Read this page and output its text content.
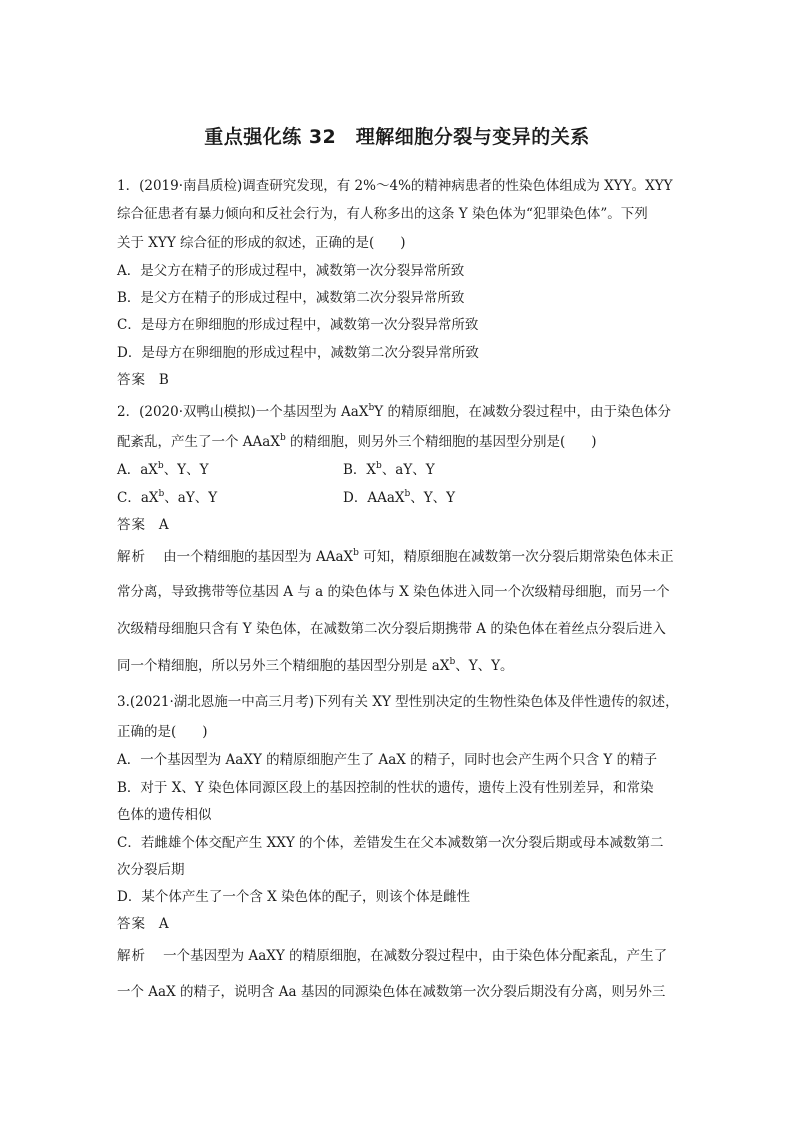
重点强化练 32　理解细胞分裂与变异的关系
1．(2019·南昌质检)调查研究发现，有 2%～4%的精神病患者的性染色体组成为 XYY。XYY
综合征患者有暴力倾向和反社会行为，有人称多出的这条 Y 染色体为“犯罪染色体”。下列
关于 XYY 综合征的形成的叙述，正确的是( )
A．是父方在精子的形成过程中，减数第一次分裂异常所致
B．是父方在精子的形成过程中，减数第二次分裂异常所致
C．是母方在卵细胞的形成过程中，减数第一次分裂异常所致
D．是母方在卵细胞的形成过程中，减数第二次分裂异常所致
答案 B
2．(2020·双鸭山模拟)一个基因型为 AaX$^b$Y 的精原细胞，在减数分裂过程中，由于染色体分
配紊乱，产生了一个 AAaX$^b$ 的精细胞，则另外三个精细胞的基因型分别是( )
A．$aX^b$、Y、Y	B．$X^b$、aY、Y
C．$aX^b$、aY、Y	D．AAaX$^b$、Y、Y
答案 A
解析 由一个精细胞的基因型为 AAaX$^b$ 可知，精原细胞在减数第一次分裂后期常染色体未正
常分离，导致携带等位基因 A 与 a 的染色体与 X 染色体进入同一个次级精母细胞，而另一个
次级精母细胞只含有 Y 染色体，在减数第二次分裂后期携带 A 的染色体在着丝点分裂后进入
同一个精细胞，所以另外三个精细胞的基因型分别是 $aX^b$、Y、Y。
3.(2021·湖北恩施一中高三月考)下列有关 XY 型性别决定的生物性染色体及伴性遗传的叙述，
正确的是( )
A．一个基因型为 AaXY 的精原细胞产生了 AaX 的精子，同时也会产生两个只含 Y 的精子
B．对于 X、Y 染色体同源区段上的基因控制的性状的遗传，遗传上没有性别差异，和常染
色体的遗传相似
C．若雌雄个体交配产生 XXY 的个体，差错发生在父本减数第一次分裂后期或母本减数第二
次分裂后期
D．某个体产生了一个含 X 染色体的配子，则该个体是雌性
答案 A
解析 一个基因型为 AaXY 的精原细胞，在减数分裂过程中，由于染色体分配紊乱，产生了
一个 AaX 的精子，说明含 Aa 基因的同源染色体在减数第一次分裂后期没有分离，则另外三
